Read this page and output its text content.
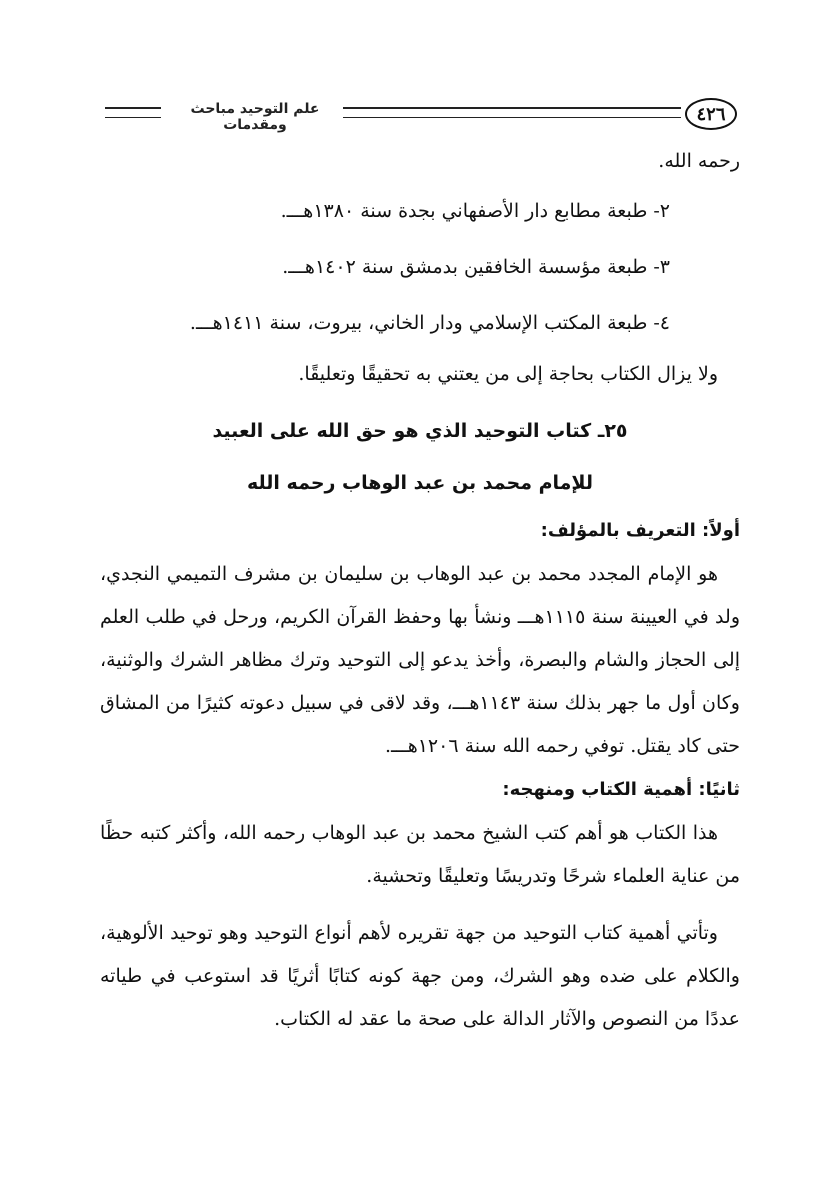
علم التوحيد مباحث ومقدمات
٤٢٦

رحمه الله.

٢- طبعة مطابع دار الأصفهاني بجدة سنة ١٣٨٠هـــ.

٣- طبعة مؤسسة الخافقين بدمشق سنة ١٤٠٢هـــ.

٤- طبعة المكتب الإسلامي ودار الخاني، بيروت، سنة ١٤١١هـــ.

ولا يزال الكتاب بحاجة إلى من يعتني به تحقيقًا وتعليقًا.

٢٥ـ كتاب التوحيد الذي هو حق الله على العبيد

للإمام محمد بن عبد الوهاب رحمه الله

أولاً: التعريف بالمؤلف:

هو الإمام المجدد محمد بن عبد الوهاب بن سليمان بن مشرف التميمي النجدي، ولد في العيينة سنة ١١١٥هـــ ونشأ بها وحفظ القرآن الكريم، ورحل في طلب العلم إلى الحجاز والشام والبصرة، وأخذ يدعو إلى التوحيد وترك مظاهر الشرك والوثنية، وكان أول ما جهر بذلك سنة ١١٤٣هـــ، وقد لاقى في سبيل دعوته كثيرًا من المشاق حتى كاد يقتل. توفي رحمه الله سنة ١٢٠٦هـــ.

ثانيًا: أهمية الكتاب ومنهجه:

هذا الكتاب هو أهم كتب الشيخ محمد بن عبد الوهاب رحمه الله، وأكثر كتبه حظًا من عناية العلماء شرحًا وتدريسًا وتعليقًا وتحشية.

وتأتي أهمية كتاب التوحيد من جهة تقريره لأهم أنواع التوحيد وهو توحيد الألوهية، والكلام على ضده وهو الشرك، ومن جهة كونه كتابًا أثريًا قد استوعب في طياته عددًا من النصوص والآثار الدالة على صحة ما عقد له الكتاب.
